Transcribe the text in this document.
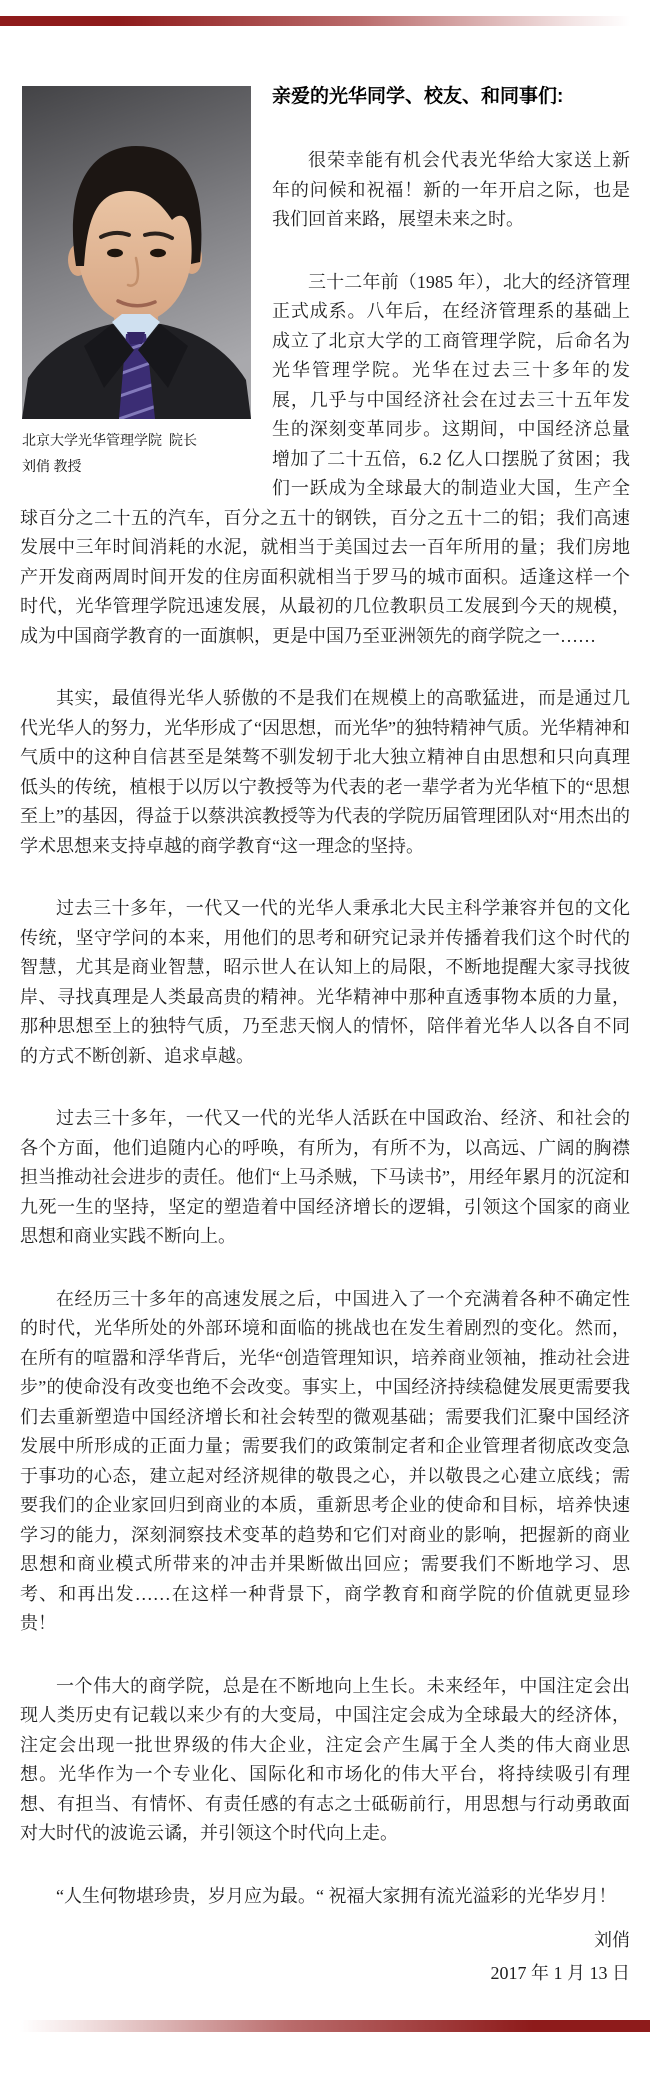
北京大学光华管理学院  院长
刘俏 教授
亲爱的光华同学、校友、和同事们:

很荣幸能有机会代表光华给大家送上新年的问候和祝福！新的一年开启之际，也是我们回首来路，展望未来之时。

三十二年前（1985 年），北大的经济管理正式成系。八年后，在经济管理系的基础上成立了北京大学的工商管理学院，后命名为光华管理学院。光华在过去三十多年的发展，几乎与中国经济社会在过去三十五年发生的深刻变革同步。这期间，中国经济总量增加了二十五倍，6.2 亿人口摆脱了贫困；我们一跃成为全球最大的制造业大国，生产全球百分之二十五的汽车，百分之五十的钢铁，百分之五十二的铝；我们高速发展中三年时间消耗的水泥，就相当于美国过去一百年所用的量；我们房地产开发商两周时间开发的住房面积就相当于罗马的城市面积。适逢这样一个时代，光华管理学院迅速发展，从最初的几位教职员工发展到今天的规模，成为中国商学教育的一面旗帜，更是中国乃至亚洲领先的商学院之一……

其实，最值得光华人骄傲的不是我们在规模上的高歌猛进，而是通过几代光华人的努力，光华形成了“因思想，而光华”的独特精神气质。光华精神和气质中的这种自信甚至是桀骜不驯发轫于北大独立精神自由思想和只向真理低头的传统，植根于以厉以宁教授等为代表的老一辈学者为光华植下的“思想至上”的基因，得益于以蔡洪滨教授等为代表的学院历届管理团队对“用杰出的学术思想来支持卓越的商学教育“这一理念的坚持。

过去三十多年，一代又一代的光华人秉承北大民主科学兼容并包的文化传统，坚守学问的本来，用他们的思考和研究记录并传播着我们这个时代的智慧，尤其是商业智慧，昭示世人在认知上的局限，不断地提醒大家寻找彼岸、寻找真理是人类最高贵的精神。光华精神中那种直透事物本质的力量，那种思想至上的独特气质，乃至悲天悯人的情怀，陪伴着光华人以各自不同的方式不断创新、追求卓越。

过去三十多年，一代又一代的光华人活跃在中国政治、经济、和社会的各个方面，他们追随内心的呼唤，有所为，有所不为，以高远、广阔的胸襟担当推动社会进步的责任。他们“上马杀贼，下马读书”，用经年累月的沉淀和九死一生的坚持，坚定的塑造着中国经济增长的逻辑，引领这个国家的商业思想和商业实践不断向上。

在经历三十多年的高速发展之后，中国进入了一个充满着各种不确定性的时代，光华所处的外部环境和面临的挑战也在发生着剧烈的变化。然而，在所有的喧嚣和浮华背后，光华“创造管理知识，培养商业领袖，推动社会进步”的使命没有改变也绝不会改变。事实上，中国经济持续稳健发展更需要我们去重新塑造中国经济增长和社会转型的微观基础；需要我们汇聚中国经济发展中所形成的正面力量；需要我们的政策制定者和企业管理者彻底改变急于事功的心态，建立起对经济规律的敬畏之心，并以敬畏之心建立底线；需要我们的企业家回归到商业的本质，重新思考企业的使命和目标，培养快速学习的能力，深刻洞察技术变革的趋势和它们对商业的影响，把握新的商业思想和商业模式所带来的冲击并果断做出回应；需要我们不断地学习、思考、和再出发……在这样一种背景下，商学教育和商学院的价值就更显珍贵！

一个伟大的商学院，总是在不断地向上生长。未来经年，中国注定会出现人类历史有记载以来少有的大变局，中国注定会成为全球最大的经济体，注定会出现一批世界级的伟大企业，注定会产生属于全人类的伟大商业思想。光华作为一个专业化、国际化和市场化的伟大平台，将持续吸引有理想、有担当、有情怀、有责任感的有志之士砥砺前行，用思想与行动勇敢面对大时代的波诡云谲，并引领这个时代向上走。

“人生何物堪珍贵，岁月应为最。“ 祝福大家拥有流光溢彩的光华岁月！

刘俏
2017 年 1 月 13 日
